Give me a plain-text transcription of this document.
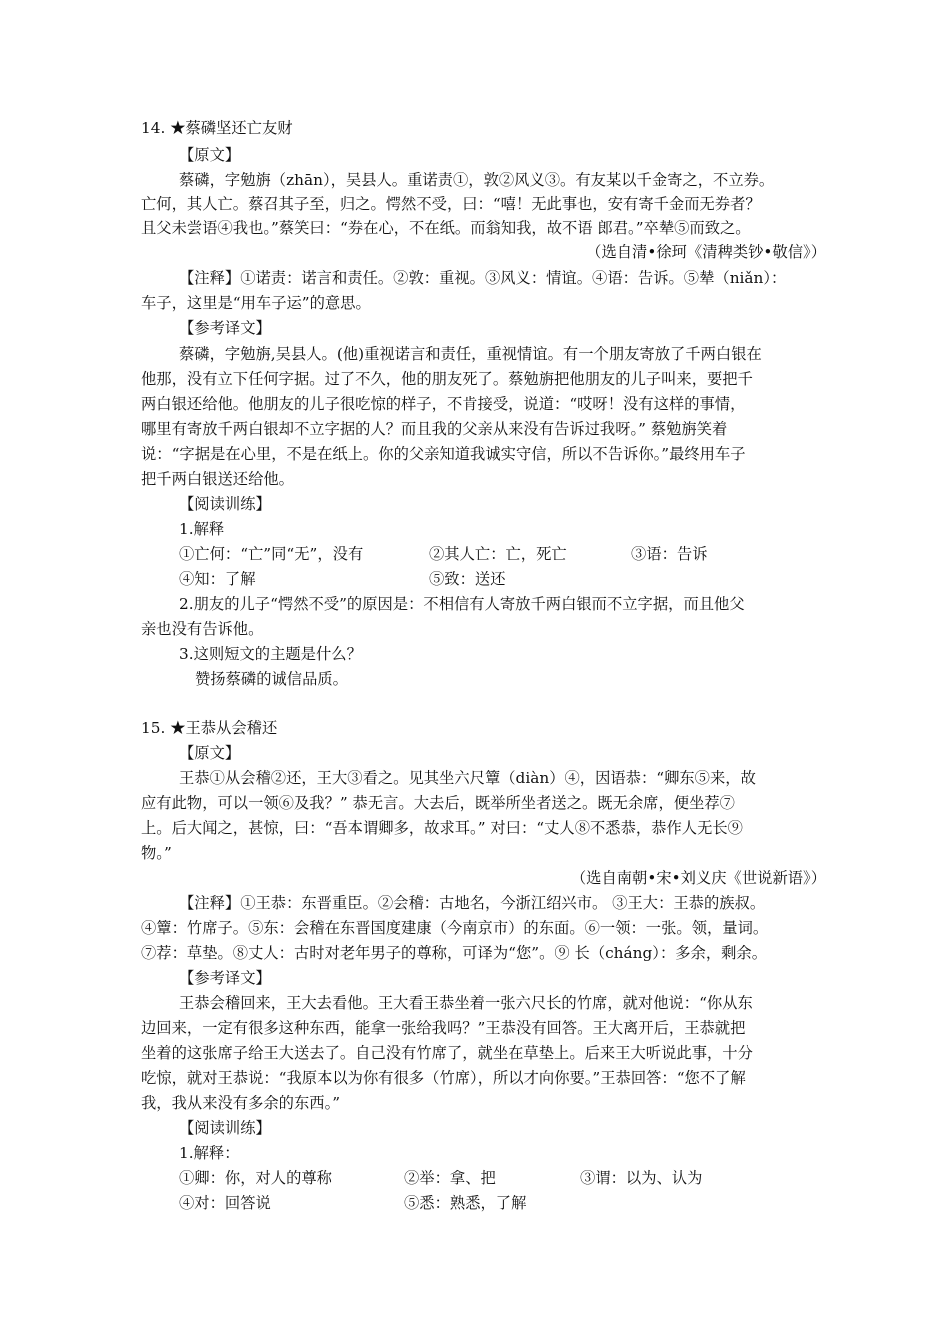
14. ★蔡磷坚还亡友财
【原文】
蔡磷，字勉旃（zhān），吴县人。重诺责①，敦②风义③。有友某以千金寄之，不立券。
亡何，其人亡。蔡召其子至，归之。愕然不受，曰：“嘻！无此事也，安有寄千金而无券者？
且父未尝语④我也。”蔡笑曰：“券在心，不在纸。而翁知我，故不语 郎君。”卒辇⑤而致之。
（选自清•徐珂《清稗类钞•敬信》）
【注释】①诺责：诺言和责任。②敦：重视。③风义：情谊。④语：告诉。⑤辇（niǎn）：
车子，这里是“用车子运”的意思。
【参考译文】
蔡磷，字勉旃,吴县人。(他)重视诺言和责任，重视情谊。有一个朋友寄放了千两白银在
他那，没有立下任何字据。过了不久，他的朋友死了。蔡勉旃把他朋友的儿子叫来，要把千
两白银还给他。他朋友的儿子很吃惊的样子，不肯接受，说道：“哎呀！没有这样的事情，
哪里有寄放千两白银却不立字据的人？而且我的父亲从来没有告诉过我呀。” 蔡勉旃笑着
说：“字据是在心里，不是在纸上。你的父亲知道我诚实守信，所以不告诉你。”最终用车子
把千两白银送还给他。
【阅读训练】
1.解释
①亡何：“亡”同“无”，没有	②其人亡：亡，死亡	③语：告诉
④知：了解	⑤致：送还
2.朋友的儿子“愕然不受”的原因是：不相信有人寄放千两白银而不立字据，而且他父
亲也没有告诉他。
3.这则短文的主题是什么？
赞扬蔡磷的诚信品质。
15. ★王恭从会稽还
【原文】
王恭①从会稽②还，王大③看之。见其坐六尺簟（diàn）④，因语恭：“卿东⑤来，故
应有此物，可以一领⑥及我？” 恭无言。大去后，既举所坐者送之。既无余席，便坐荐⑦
上。后大闻之，甚惊，曰：“吾本谓卿多，故求耳。” 对曰：“丈人⑧不悉恭，恭作人无长⑨
物。”
（选自南朝•宋•刘义庆《世说新语》）
【注释】①王恭：东晋重臣。②会稽：古地名，今浙江绍兴市。 ③王大：王恭的族叔。
④簟：竹席子。⑤东：会稽在东晋国度建康（今南京市）的东面。⑥一领：一张。领，量词。
⑦荐：草垫。⑧丈人：古时对老年男子的尊称，可译为“您”。⑨ 长（cháng）：多余，剩余。
【参考译文】
王恭会稽回来，王大去看他。王大看王恭坐着一张六尺长的竹席，就对他说：“你从东
边回来，一定有很多这种东西，能拿一张给我吗？”王恭没有回答。王大离开后，王恭就把
坐着的这张席子给王大送去了。自己没有竹席了，就坐在草垫上。后来王大听说此事，十分
吃惊，就对王恭说：“我原本以为你有很多（竹席），所以才向你要。”王恭回答：“您不了解
我，我从来没有多余的东西。”
【阅读训练】
1.解释：
①卿：你，对人的尊称	②举：拿、把	③谓：以为、认为
④对：回答说	⑤悉：熟悉，了解
